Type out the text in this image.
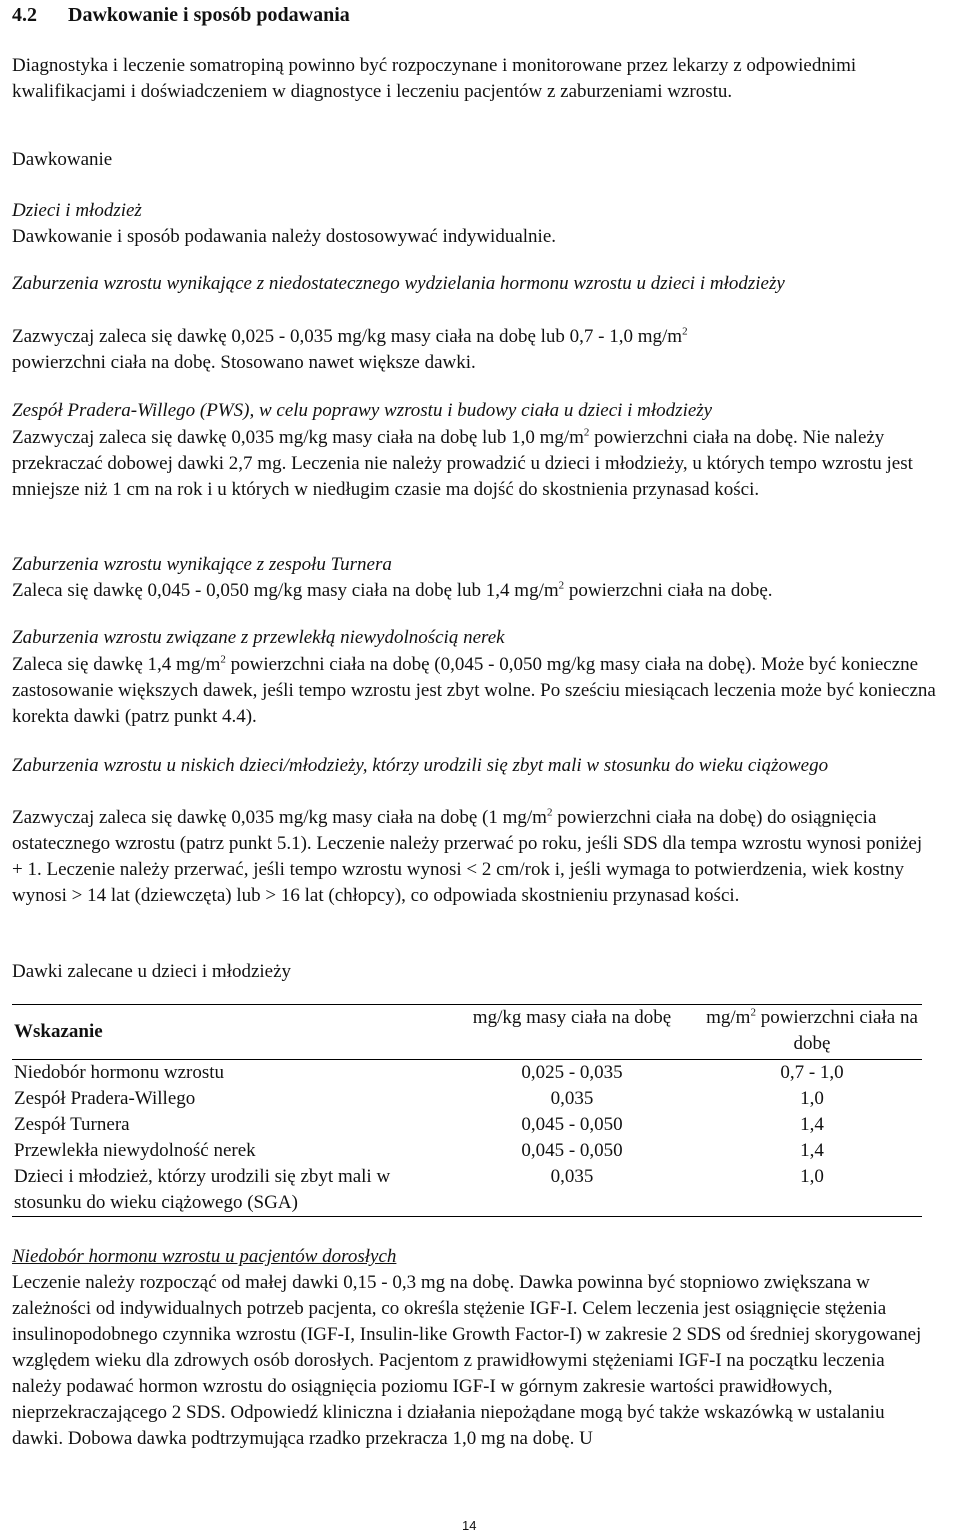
4.2 Dawkowanie i sposób podawania

Diagnostyka i leczenie somatropiną powinno być rozpoczynane i monitorowane przez lekarzy z odpowiednimi kwalifikacjami i doświadczeniem w diagnostyce i leczeniu pacjentów z zaburzeniami wzrostu.

Dawkowanie

Dzieci i młodzież

Dawkowanie i sposób podawania należy dostosowywać indywidualnie.

Zaburzenia wzrostu wynikające z niedostatecznego wydzielania hormonu wzrostu u dzieci i młodzieży

Zazwyczaj zaleca się dawkę 0,025 - 0,035 mg/kg masy ciała na dobę lub 0,7 - 1,0 $mg/m^2$
powierzchni ciała na dobę. Stosowano nawet większe dawki.

Zespół Pradera-Willego (PWS), w celu poprawy wzrostu i budowy ciała u dzieci i młodzieży

Zazwyczaj zaleca się dawkę 0,035 mg/kg masy ciała na dobę lub 1,0 $mg/m^2$ powierzchni ciała na dobę. Nie należy przekraczać dobowej dawki 2,7 mg. Leczenia nie należy prowadzić u dzieci i młodzieży, u których tempo wzrostu jest mniejsze niż 1 cm na rok i u których w niedługim czasie ma dojść do skostnienia przynasad kości.

Zaburzenia wzrostu wynikające z zespołu Turnera

Zaleca się dawkę 0,045 - 0,050 mg/kg masy ciała na dobę lub 1,4 $mg/m^2$ powierzchni ciała na dobę.

Zaburzenia wzrostu związane z przewlekłą niewydolnością nerek

Zaleca się dawkę 1,4 $mg/m^2$ powierzchni ciała na dobę (0,045 - 0,050 mg/kg masy ciała na dobę). Może być konieczne zastosowanie większych dawek, jeśli tempo wzrostu jest zbyt wolne. Po sześciu miesiącach leczenia może być konieczna korekta dawki (patrz punkt 4.4).

Zaburzenia wzrostu u niskich dzieci/młodzieży, którzy urodzili się zbyt mali w stosunku do wieku ciążowego

Zazwyczaj zaleca się dawkę 0,035 mg/kg masy ciała na dobę (1 $mg/m^2$ powierzchni ciała na dobę) do osiągnięcia ostatecznego wzrostu (patrz punkt 5.1). Leczenie należy przerwać po roku, jeśli SDS dla tempa wzrostu wynosi poniżej + 1. Leczenie należy przerwać, jeśli tempo wzrostu wynosi < 2 cm/rok i, jeśli wymaga to potwierdzenia, wiek kostny wynosi > 14 lat (dziewczęta) lub > 16 lat (chłopcy), co odpowiada skostnieniu przynasad kości.

Dawki zalecane u dzieci i młodzieży

Wskazanie	mg/kg masy ciała na dobę	$mg/m^2$ powierzchni ciała na dobę
Niedobór hormonu wzrostu	0,025 - 0,035	0,7 - 1,0
Zespół Pradera-Willego	0,035	1,0
Zespół Turnera	0,045 - 0,050	1,4
Przewlekła niewydolność nerek	0,045 - 0,050	1,4
Dzieci i młodzież, którzy urodzili się zbyt mali w stosunku do wieku ciążowego (SGA)	0,035	1,0

Niedobór hormonu wzrostu u pacjentów dorosłych

Leczenie należy rozpocząć od małej dawki 0,15 - 0,3 mg na dobę. Dawka powinna być stopniowo zwiększana w zależności od indywidualnych potrzeb pacjenta, co określa stężenie IGF-I. Celem leczenia jest osiągnięcie stężenia insulinopodobnego czynnika wzrostu (IGF-I, Insulin-like Growth Factor-I) w zakresie 2 SDS od średniej skorygowanej względem wieku dla zdrowych osób dorosłych. Pacjentom z prawidłowymi stężeniami IGF-I na początku leczenia należy podawać hormon wzrostu do osiągnięcia poziomu IGF-I w górnym zakresie wartości prawidłowych, nieprzekraczającego 2 SDS. Odpowiedź kliniczna i działania niepożądane mogą być także wskazówką w ustalaniu dawki. Dobowa dawka podtrzymująca rzadko przekracza 1,0 mg na dobę. U

14
